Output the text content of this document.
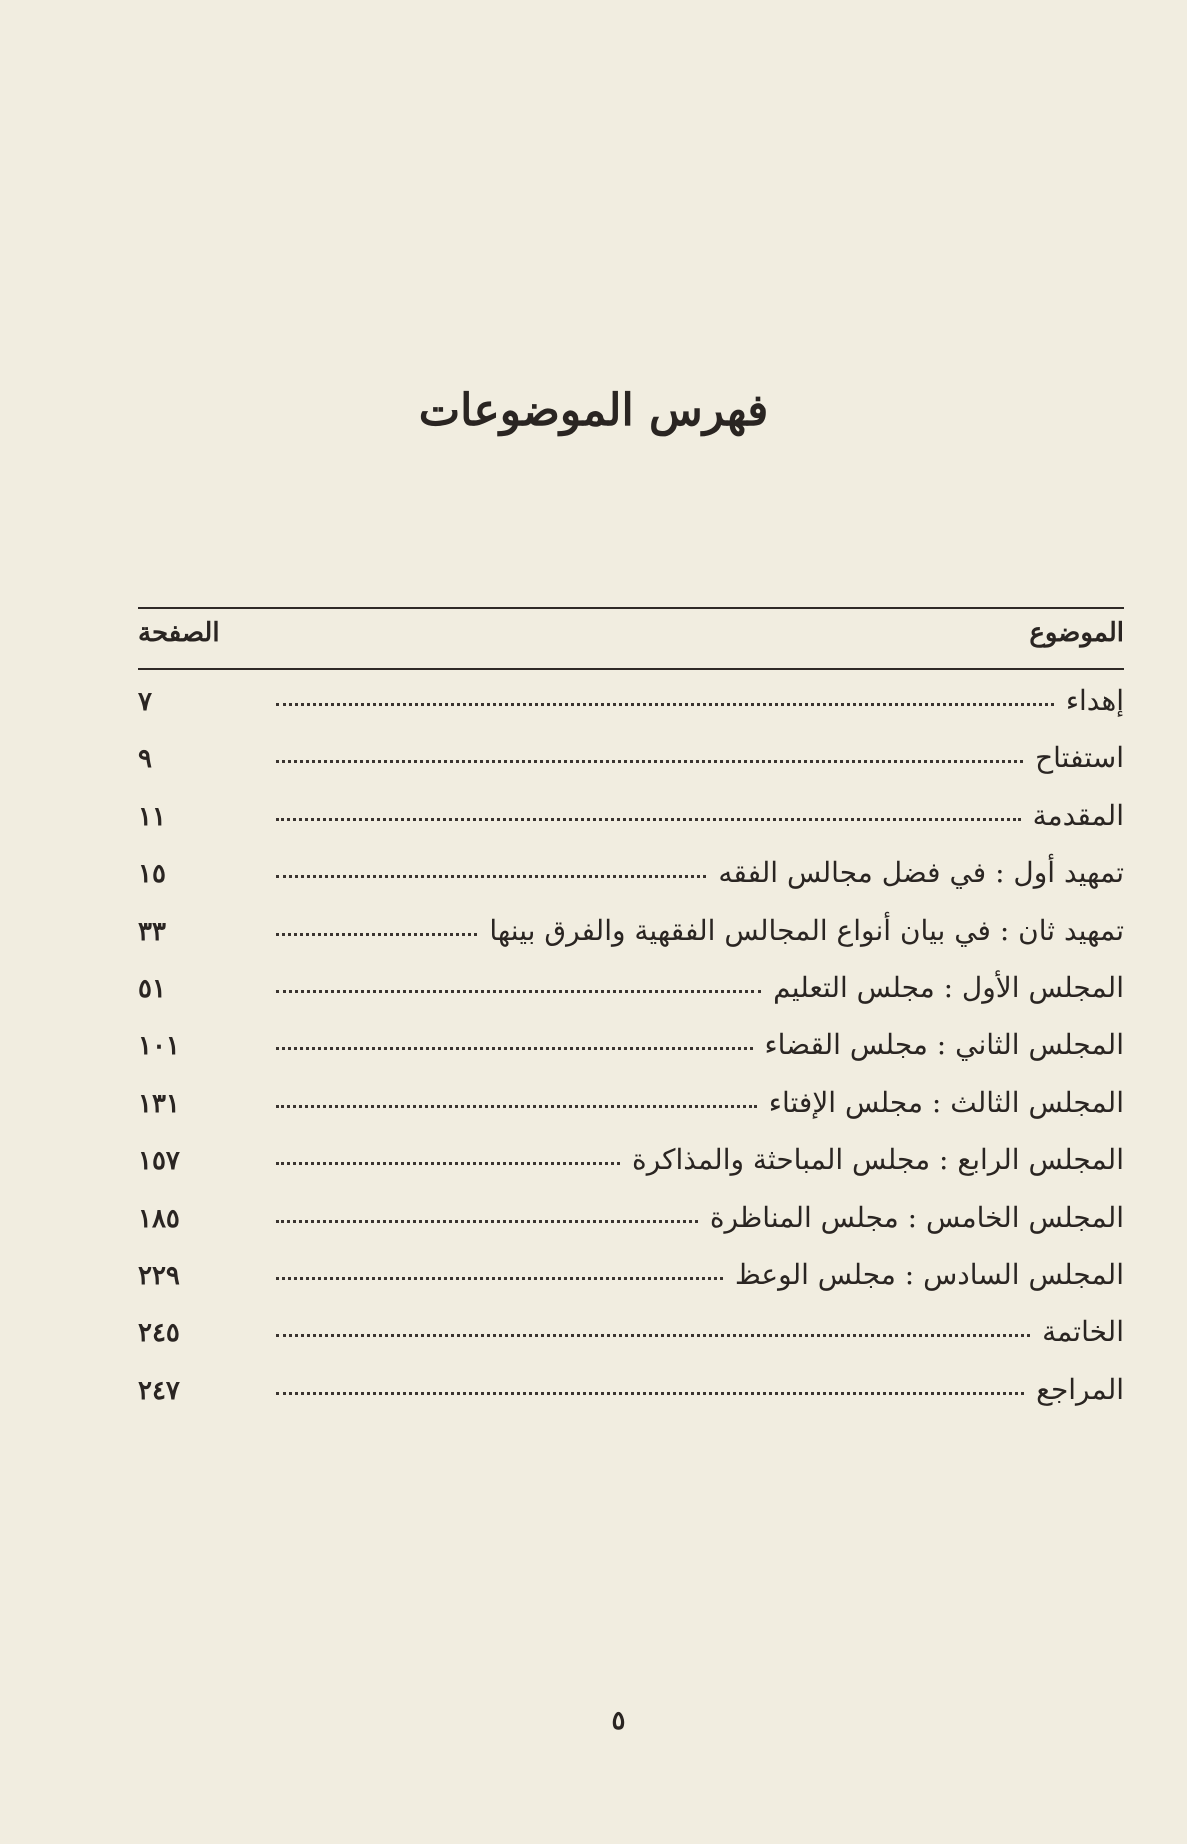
فهرس الموضوعات
الموضوع
الصفحة
إهداء
٧
استفتاح
٩
المقدمة
١١
تمهيد أول : في فضل مجالس الفقه
١٥
تمهيد ثان : في بيان أنواع المجالس الفقهية والفرق بينها
٣٣
المجلس الأول : مجلس التعليم
٥١
المجلس الثاني : مجلس القضاء
١٠١
المجلس الثالث : مجلس الإفتاء
١٣١
المجلس الرابع : مجلس المباحثة والمذاكرة
١٥٧
المجلس الخامس : مجلس المناظرة
١٨٥
المجلس السادس : مجلس الوعظ
٢٢٩
الخاتمة
٢٤٥
المراجع
٢٤٧
٥
